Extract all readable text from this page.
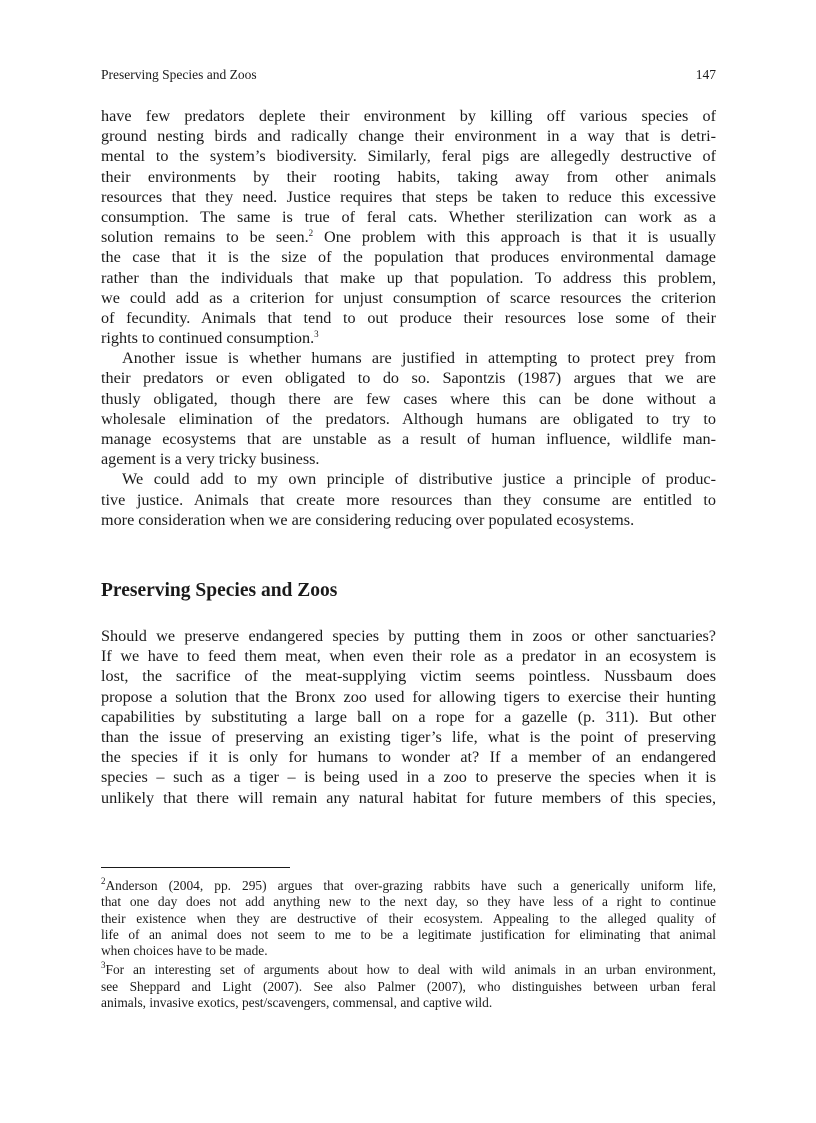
Preserving Species and Zoos	147
have few predators deplete their environment by killing off various species of
ground nesting birds and radically change their environment in a way that is detri-
mental to the system’s biodiversity. Similarly, feral pigs are allegedly destructive of
their environments by their rooting habits, taking away from other animals
resources that they need. Justice requires that steps be taken to reduce this excessive
consumption. The same is true of feral cats. Whether sterilization can work as a
solution remains to be seen.$^2$ One problem with this approach is that it is usually
the case that it is the size of the population that produces environmental damage
rather than the individuals that make up that population. To address this problem,
we could add as a criterion for unjust consumption of scarce resources the criterion
of fecundity. Animals that tend to out produce their resources lose some of their
rights to continued consumption.$^3$
Another issue is whether humans are justified in attempting to protect prey from
their predators or even obligated to do so. Sapontzis (1987) argues that we are
thusly obligated, though there are few cases where this can be done without a
wholesale elimination of the predators. Although humans are obligated to try to
manage ecosystems that are unstable as a result of human influence, wildlife man-
agement is a very tricky business.
We could add to my own principle of distributive justice a principle of produc-
tive justice. Animals that create more resources than they consume are entitled to
more consideration when we are considering reducing over populated ecosystems.
Preserving Species and Zoos
Should we preserve endangered species by putting them in zoos or other sanctuaries?
If we have to feed them meat, when even their role as a predator in an ecosystem is
lost, the sacrifice of the meat-supplying victim seems pointless. Nussbaum does
propose a solution that the Bronx zoo used for allowing tigers to exercise their hunting
capabilities by substituting a large ball on a rope for a gazelle (p. 311). But other
than the issue of preserving an existing tiger’s life, what is the point of preserving
the species if it is only for humans to wonder at? If a member of an endangered
species – such as a tiger – is being used in a zoo to preserve the species when it is
unlikely that there will remain any natural habitat for future members of this species,
$^2$Anderson (2004, pp. 295) argues that over-grazing rabbits have such a generically uniform life,
that one day does not add anything new to the next day, so they have less of a right to continue
their existence when they are destructive of their ecosystem. Appealing to the alleged quality of
life of an animal does not seem to me to be a legitimate justification for eliminating that animal
when choices have to be made.
$^3$For an interesting set of arguments about how to deal with wild animals in an urban environment,
see Sheppard and Light (2007). See also Palmer (2007), who distinguishes between urban feral
animals, invasive exotics, pest/scavengers, commensal, and captive wild.
